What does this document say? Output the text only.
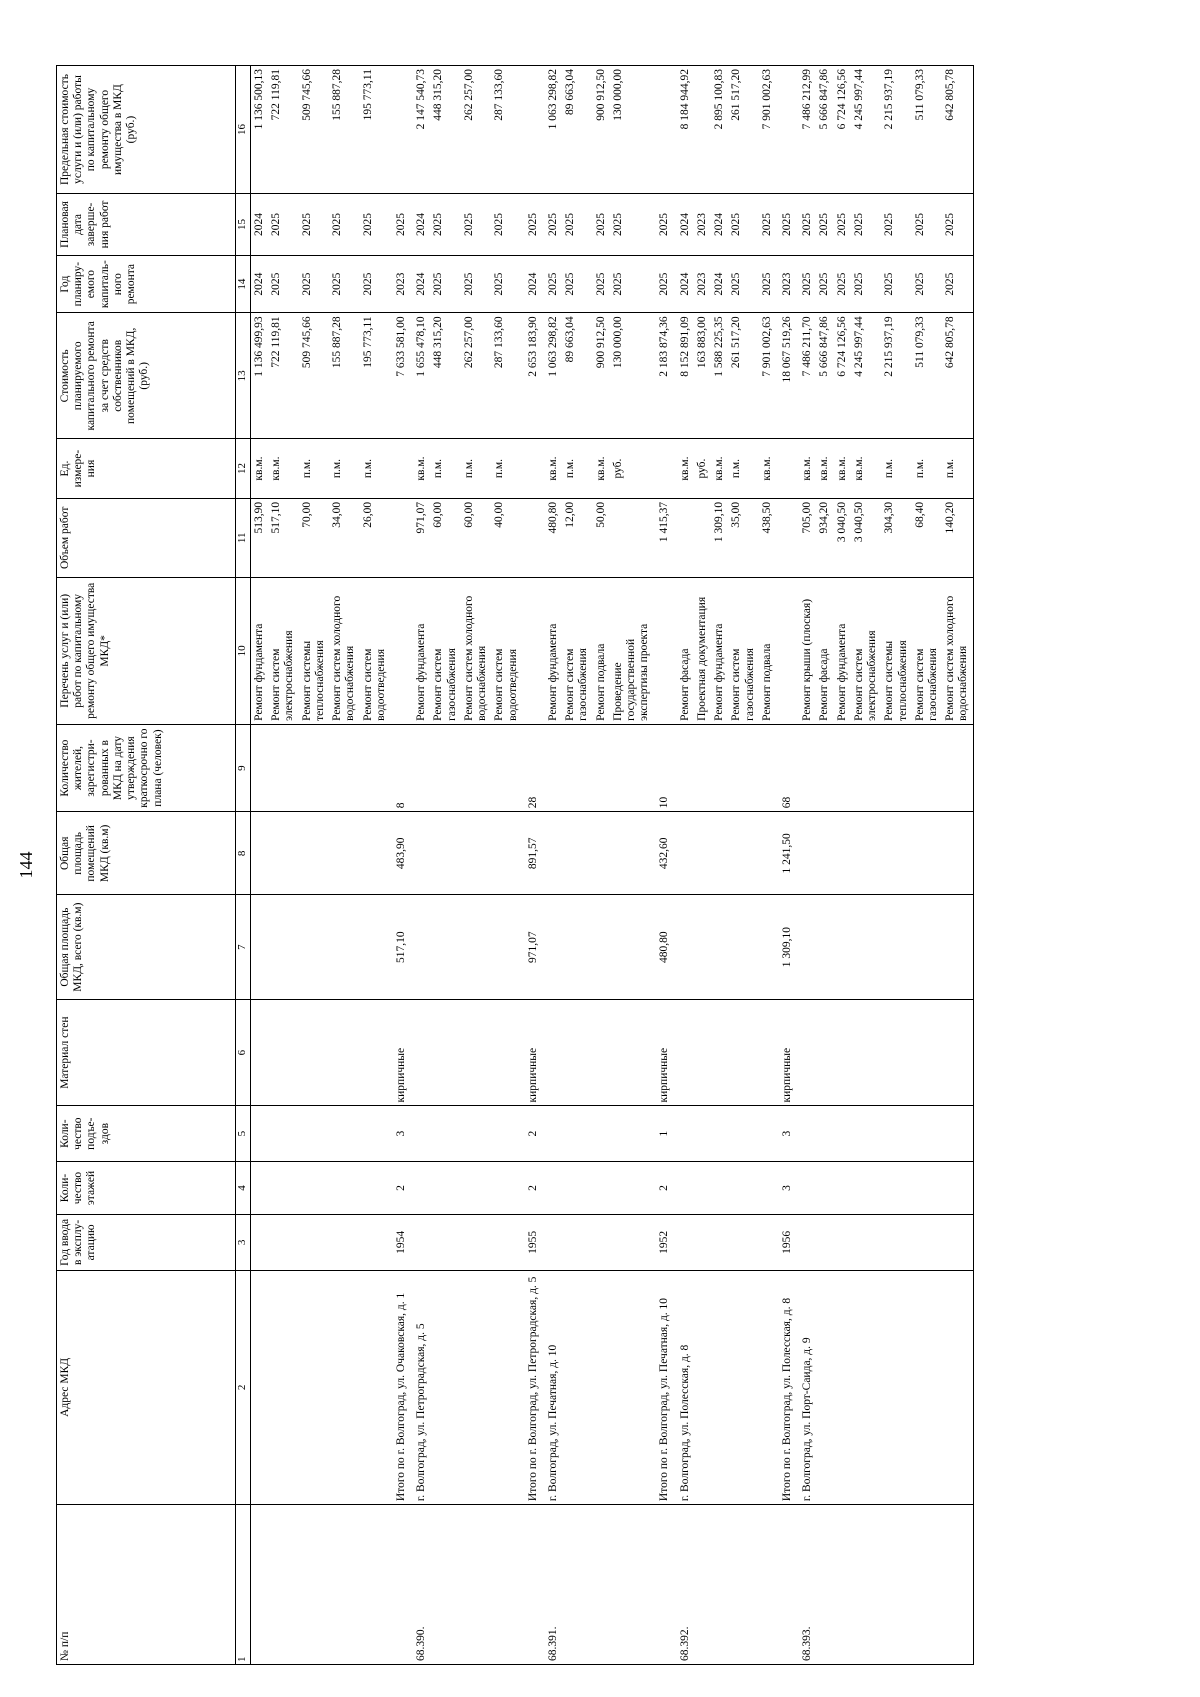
144
№ п/п	Адрес МКД	Год ввода в эксплу-атацию	Коли-чество этажей	Коли-чество подъе-здов	Материал стен	Общая площадь МКД, всего (кв.м)	Общая площадь помещений МКД (кв.м)	Количество жителей, зарегистри-рованных в МКД на дату утверждения краткосрочно го плана (человек)	Перечень услуг и (или) работ по капитальному ремонту общего имущества МКД*	Объем работ	Ед. измере-ния	Стоимость планируемого капитального ремонта за счет средств собственников помещений в МКД, (руб.)	Год планиру-емого капиталь-ного ремонта	Плановая дата заверше-ния работ	Предельная стоимость услуги и (или) работы по капитальному ремонту общего имущества в МКД (руб.)
1	2	3	4	5	6	7	8	9	10	11	12	13	14	15	16
									Ремонт фундамента	513,90	кв.м.	1 136 499,93	2024	2024	1 136 500,13
									Ремонт систем электроснабжения	517,10	кв.м.	722 119,81	2025	2025	722 119,81
									Ремонт системы теплоснабжения	70,00	п.м.	509 745,66	2025	2025	509 745,66
									Ремонт систем холодного водоснабжения	34,00	п.м.	155 887,28	2025	2025	155 887,28
									Ремонт систем водоотведения	26,00	п.м.	195 773,11	2025	2025	195 773,11
	Итого по г. Волгоград, ул. Очаковская, д. 1	1954	2	3	кирпичные	517,10	483,90	8				7 633 581,00	2023	2025	
68.390.	г. Волгоград, ул. Петроградская, д. 5								Ремонт фундамента	971,07	кв.м.	1 655 478,10	2024	2024	2 147 540,73
									Ремонт систем газоснабжения	60,00	п.м.	448 315,20	2025	2025	448 315,20
									Ремонт систем холодного водоснабжения	60,00	п.м.	262 257,00	2025	2025	262 257,00
									Ремонт систем водоотведения	40,00	п.м.	287 133,60	2025	2025	287 133,60
	Итого по г. Волгоград, ул. Петроградская, д. 5	1955	2	2	кирпичные	971,07	891,57	28				2 653 183,90	2024	2025	
68.391.	г. Волгоград, ул. Печатная, д. 10								Ремонт фундамента	480,80	кв.м.	1 063 298,82	2025	2025	1 063 298,82
									Ремонт систем газоснабжения	12,00	п.м.	89 663,04	2025	2025	89 663,04
									Ремонт подвала	50,00	кв.м.	900 912,50	2025	2025	900 912,50
									Проведение государственной экспертизы проекта		руб.	130 000,00	2025	2025	130 000,00
	Итого по г. Волгоград, ул. Печатная, д. 10	1952	2	1	кирпичные	480,80	432,60	10		1 415,37		2 183 874,36	2025	2025	
68.392.	г. Волгоград, ул. Полесская, д. 8								Ремонт фасада		кв.м.	8 152 891,09	2024	2024	8 184 944,92
									Проектная документация		руб.	163 883,00	2023	2023	
									Ремонт фундамента	1 309,10	кв.м.	1 588 225,35	2024	2024	2 895 100,83
									Ремонт систем газоснабжения	35,00	п.м.	261 517,20	2025	2025	261 517,20
									Ремонт подвала	438,50	кв.м.	7 901 002,63	2025	2025	7 901 002,63
	Итого по г. Волгоград, ул. Полесская, д. 8	1956	3	3	кирпичные	1 309,10	1 241,50	68				18 067 519,26	2023	2025	
68.393.	г. Волгоград, ул. Порт-Саида, д. 9								Ремонт крыши (плоская)	705,00	кв.м.	7 486 211,70	2025	2025	7 486 212,99
									Ремонт фасада	934,20	кв.м.	5 666 847,86	2025	2025	5 666 847,86
									Ремонт фундамента	3 040,50	кв.м.	6 724 126,56	2025	2025	6 724 126,56
									Ремонт систем электроснабжения	3 040,50	кв.м.	4 245 997,44	2025	2025	4 245 997,44
									Ремонт системы теплоснабжения	304,30	п.м.	2 215 937,19	2025	2025	2 215 937,19
									Ремонт систем газоснабжения	68,40	п.м.	511 079,33	2025	2025	511 079,33
									Ремонт систем холодного водоснабжения	140,20	п.м.	642 805,78	2025	2025	642 805,78
